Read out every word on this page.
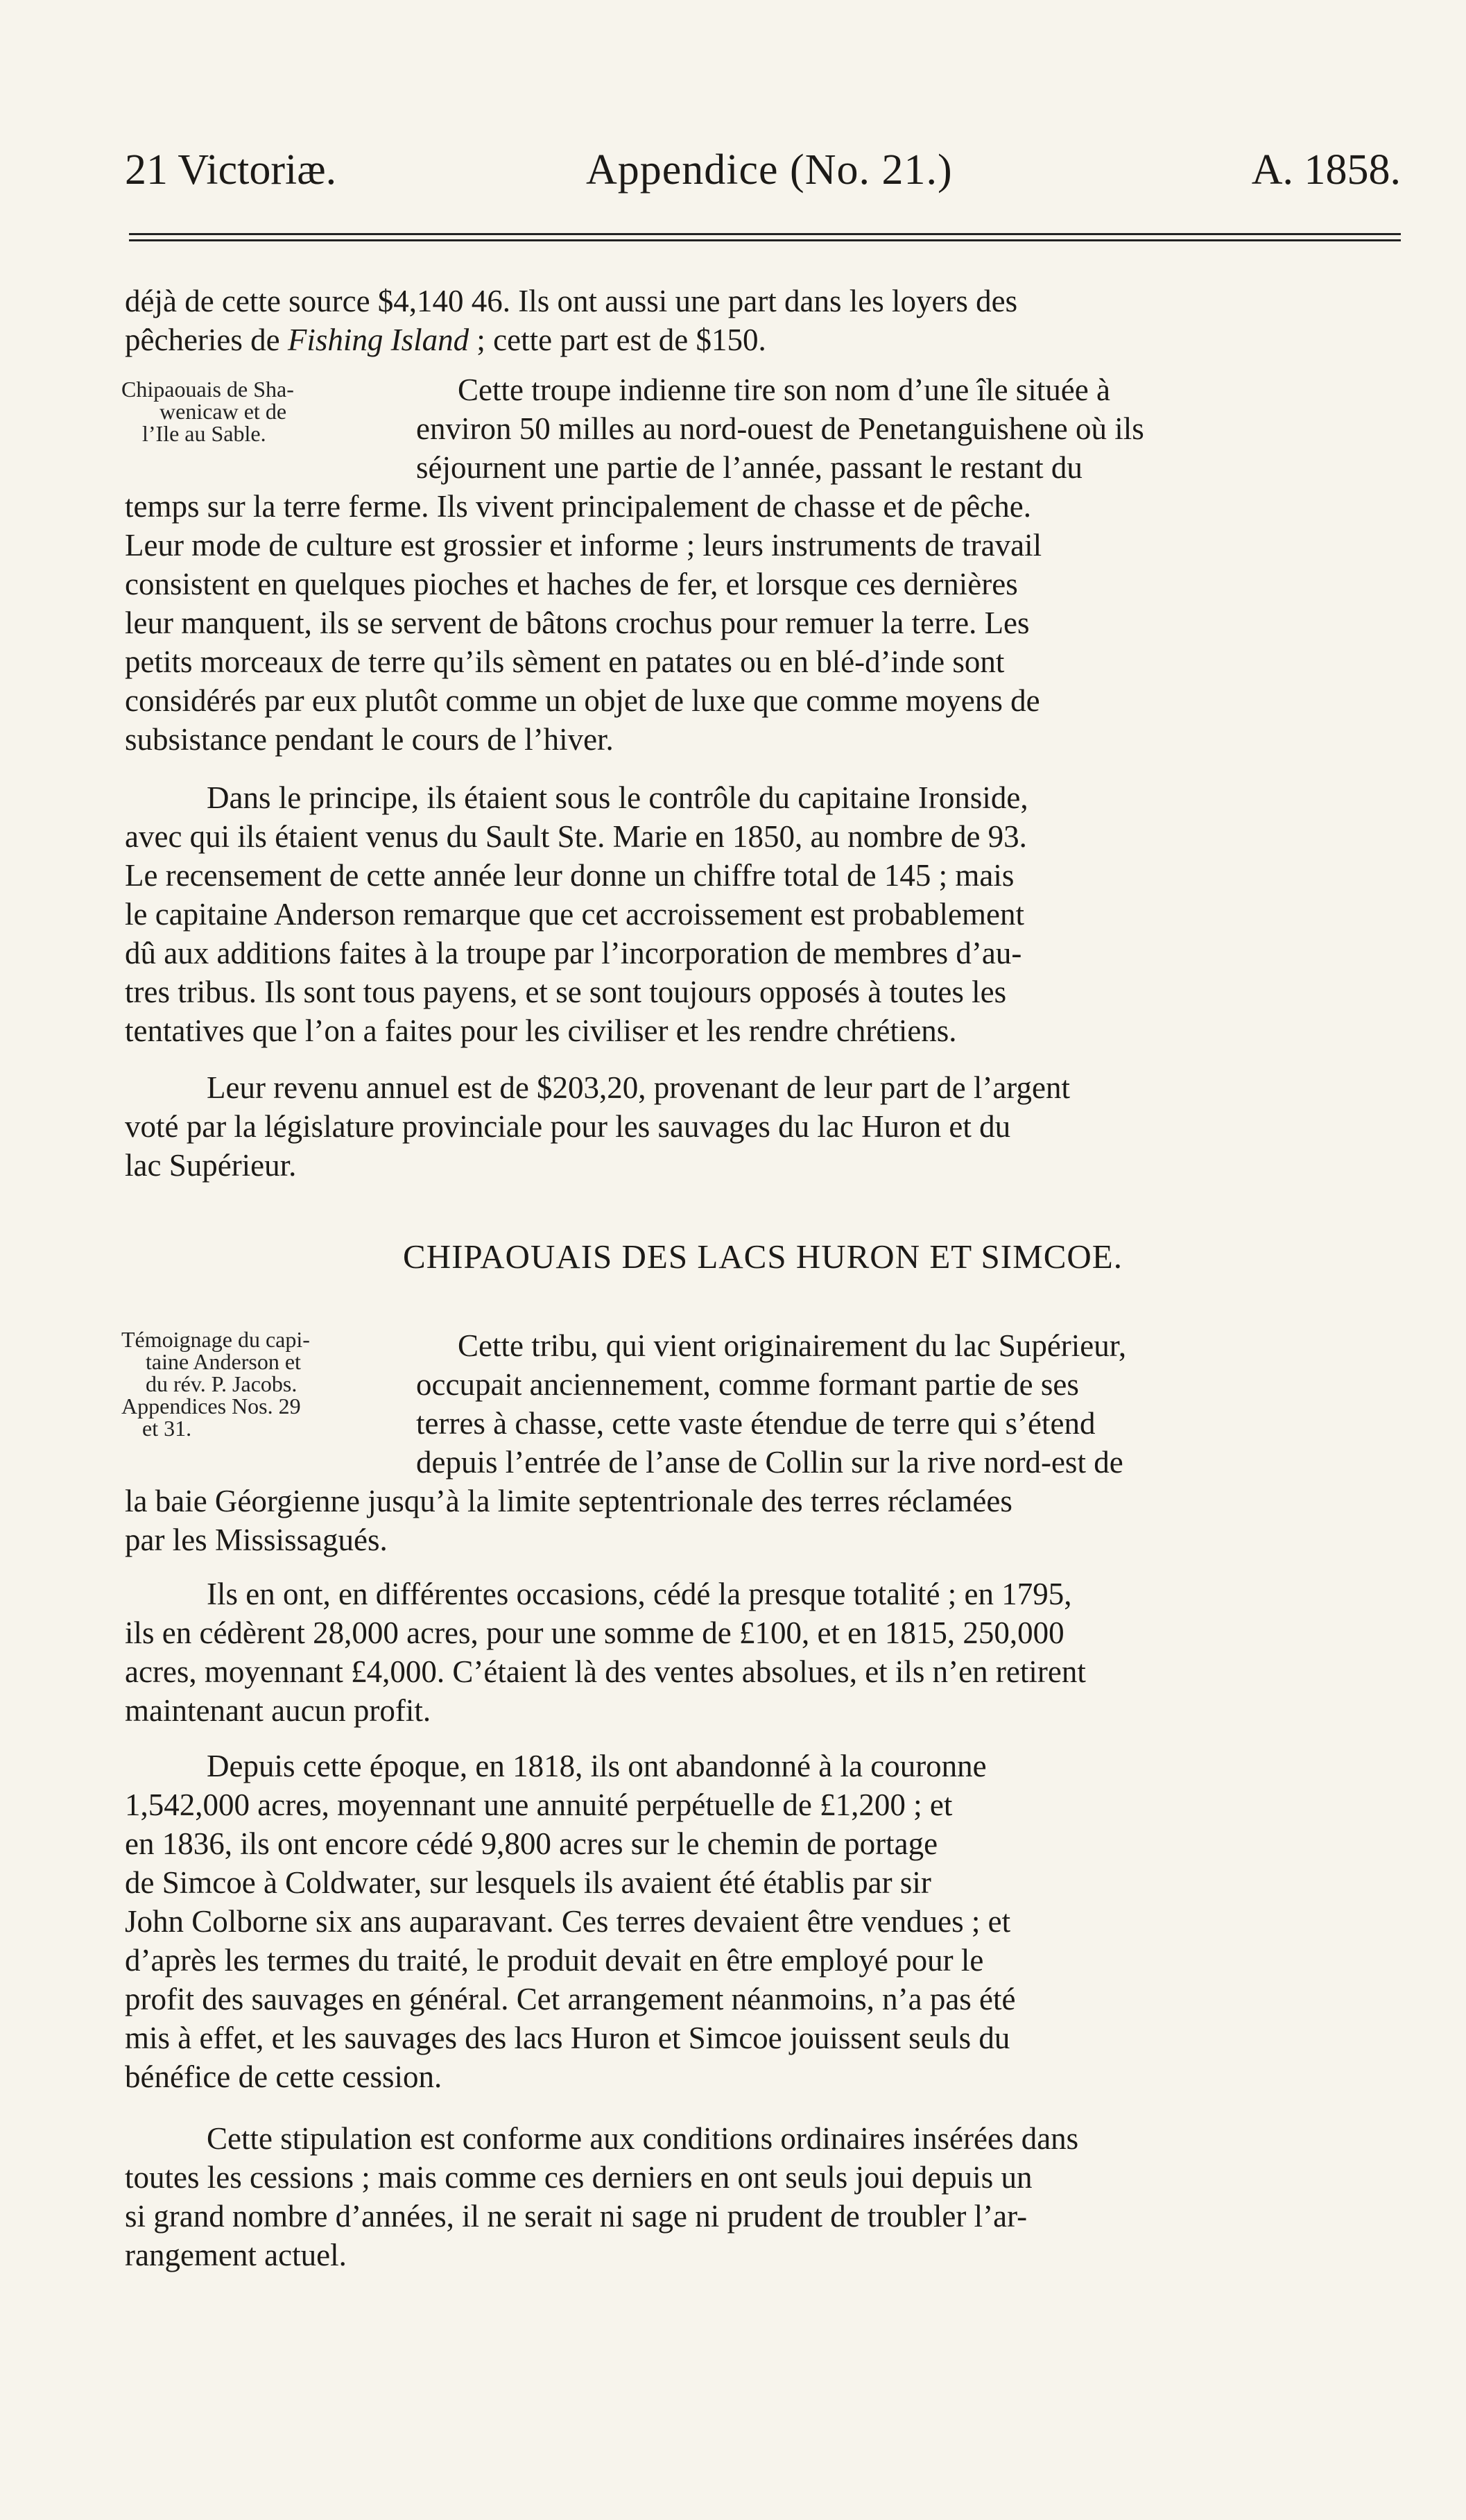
21 Victoriæ.	Appendice (No. 21.)	A. 1858.
déjà de cette source $4,140 46. Ils ont aussi une part dans les loyers des
pêcheries de Fishing Island ; cette part est de $150.
Chipaouais de Sha-
wenicaw et de
l’Ile au Sable.
Cette troupe indienne tire son nom d’une île située à
environ 50 milles au nord-ouest de Penetanguishene où ils
séjournent une partie de l’année, passant le restant du
temps sur la terre ferme. Ils vivent principalement de chasse et de pêche.
Leur mode de culture est grossier et informe ; leurs instruments de travail
consistent en quelques pioches et haches de fer, et lorsque ces dernières
leur manquent, ils se servent de bâtons crochus pour remuer la terre. Les
petits morceaux de terre qu’ils sèment en patates ou en blé-d’inde sont
considérés par eux plutôt comme un objet de luxe que comme moyens de
subsistance pendant le cours de l’hiver.
Dans le principe, ils étaient sous le contrôle du capitaine Ironside,
avec qui ils étaient venus du Sault Ste. Marie en 1850, au nombre de 93.
Le recensement de cette année leur donne un chiffre total de 145 ; mais
le capitaine Anderson remarque que cet accroissement est probablement
dû aux additions faites à la troupe par l’incorporation de membres d’au-
tres tribus. Ils sont tous payens, et se sont toujours opposés à toutes les
tentatives que l’on a faites pour les civiliser et les rendre chrétiens.
Leur revenu annuel est de $203,20, provenant de leur part de l’argent
voté par la législature provinciale pour les sauvages du lac Huron et du
lac Supérieur.
CHIPAOUAIS DES LACS HURON ET SIMCOE.
Témoignage du capi-
taine Anderson et
du rév. P. Jacobs.
Appendices Nos. 29
et 31.
Cette tribu, qui vient originairement du lac Supérieur,
occupait anciennement, comme formant partie de ses
terres à chasse, cette vaste étendue de terre qui s’étend
depuis l’entrée de l’anse de Collin sur la rive nord-est de
la baie Géorgienne jusqu’à la limite septentrionale des terres réclamées
par les Mississagués.
Ils en ont, en différentes occasions, cédé la presque totalité ; en 1795,
ils en cédèrent 28,000 acres, pour une somme de £100, et en 1815, 250,000
acres, moyennant £4,000. C’étaient là des ventes absolues, et ils n’en retirent
maintenant aucun profit.
Depuis cette époque, en 1818, ils ont abandonné à la couronne
1,542,000 acres, moyennant une annuité perpétuelle de £1,200 ; et
en 1836, ils ont encore cédé 9,800 acres sur le chemin de portage
de Simcoe à Coldwater, sur lesquels ils avaient été établis par sir
John Colborne six ans auparavant. Ces terres devaient être vendues ; et
d’après les termes du traité, le produit devait en être employé pour le
profit des sauvages en général. Cet arrangement néanmoins, n’a pas été
mis à effet, et les sauvages des lacs Huron et Simcoe jouissent seuls du
bénéfice de cette cession.
Cette stipulation est conforme aux conditions ordinaires insérées dans
toutes les cessions ; mais comme ces derniers en ont seuls joui depuis un
si grand nombre d’années, il ne serait ni sage ni prudent de troubler l’ar-
rangement actuel.
